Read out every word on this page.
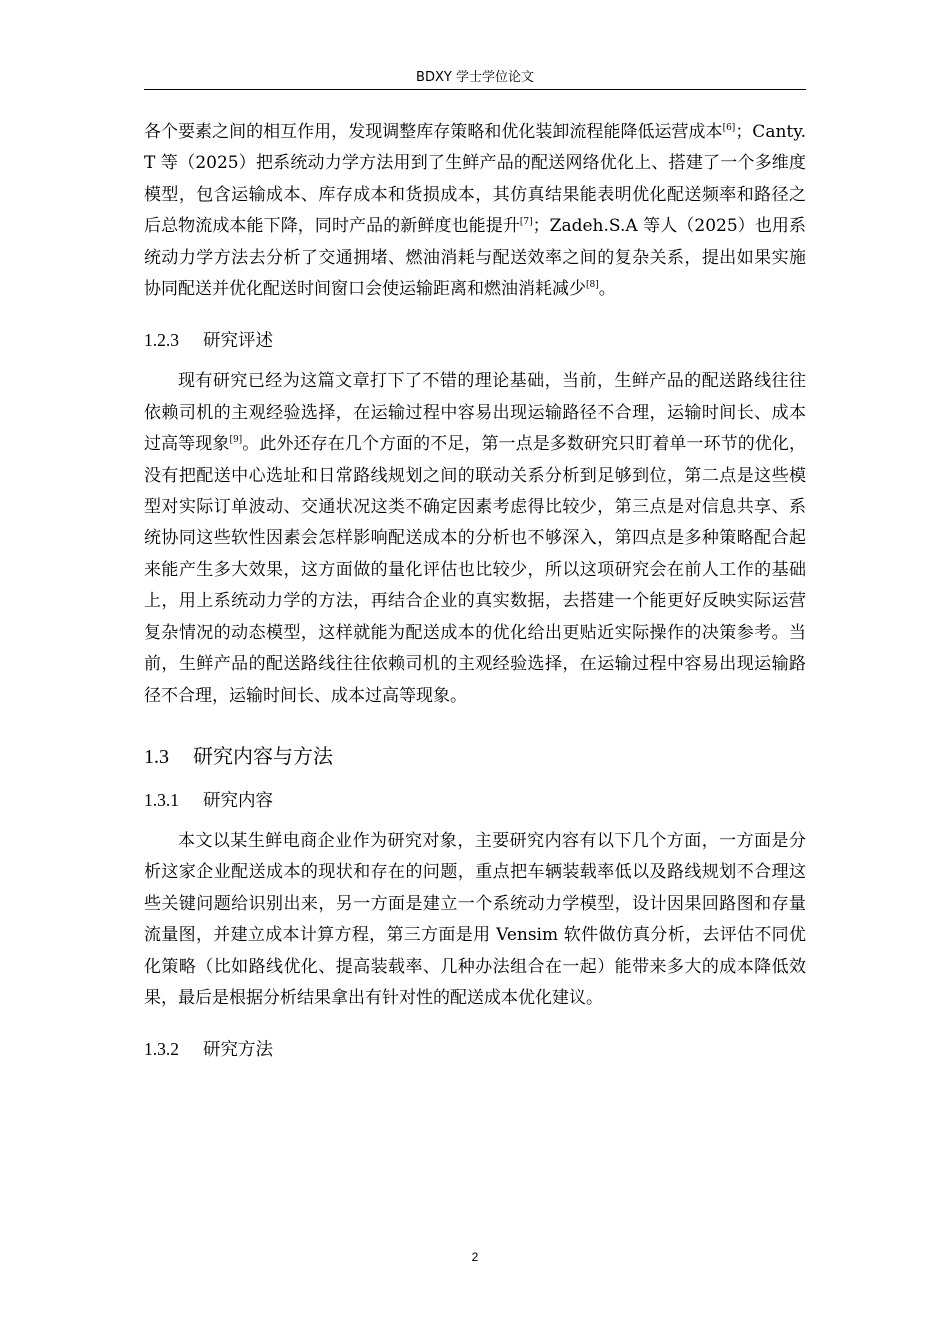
BDXY 学士学位论文

各个要素之间的相互作用，发现调整库存策略和优化装卸流程能降低运营成本[6]；Canty.T 等（2025）把系统动力学方法用到了生鲜产品的配送网络优化上、搭建了一个多维度模型，包含运输成本、库存成本和货损成本，其仿真结果能表明优化配送频率和路径之后总物流成本能下降，同时产品的新鲜度也能提升[7]；Zadeh.S.A 等人（2025）也用系统动力学方法去分析了交通拥堵、燃油消耗与配送效率之间的复杂关系，提出如果实施协同配送并优化配送时间窗口会使运输距离和燃油消耗减少[8]。

1.2.3 研究评述

现有研究已经为这篇文章打下了不错的理论基础，当前，生鲜产品的配送路线往往依赖司机的主观经验选择，在运输过程中容易出现运输路径不合理，运输时间长、成本过高等现象[9]。此外还存在几个方面的不足，第一点是多数研究只盯着单一环节的优化，没有把配送中心选址和日常路线规划之间的联动关系分析到足够到位，第二点是这些模型对实际订单波动、交通状况这类不确定因素考虑得比较少，第三点是对信息共享、系统协同这些软性因素会怎样影响配送成本的分析也不够深入，第四点是多种策略配合起来能产生多大效果，这方面做的量化评估也比较少，所以这项研究会在前人工作的基础上，用上系统动力学的方法，再结合企业的真实数据，去搭建一个能更好反映实际运营复杂情况的动态模型，这样就能为配送成本的优化给出更贴近实际操作的决策参考。当前，生鲜产品的配送路线往往依赖司机的主观经验选择，在运输过程中容易出现运输路径不合理，运输时间长、成本过高等现象。

1.3 研究内容与方法
1.3.1 研究内容

本文以某生鲜电商企业作为研究对象，主要研究内容有以下几个方面，一方面是分析这家企业配送成本的现状和存在的问题，重点把车辆装载率低以及路线规划不合理这些关键问题给识别出来，另一方面是建立一个系统动力学模型，设计因果回路图和存量流量图，并建立成本计算方程，第三方面是用 Vensim 软件做仿真分析，去评估不同优化策略（比如路线优化、提高装载率、几种办法组合在一起）能带来多大的成本降低效果，最后是根据分析结果拿出有针对性的配送成本优化建议。

1.3.2 研究方法
2
